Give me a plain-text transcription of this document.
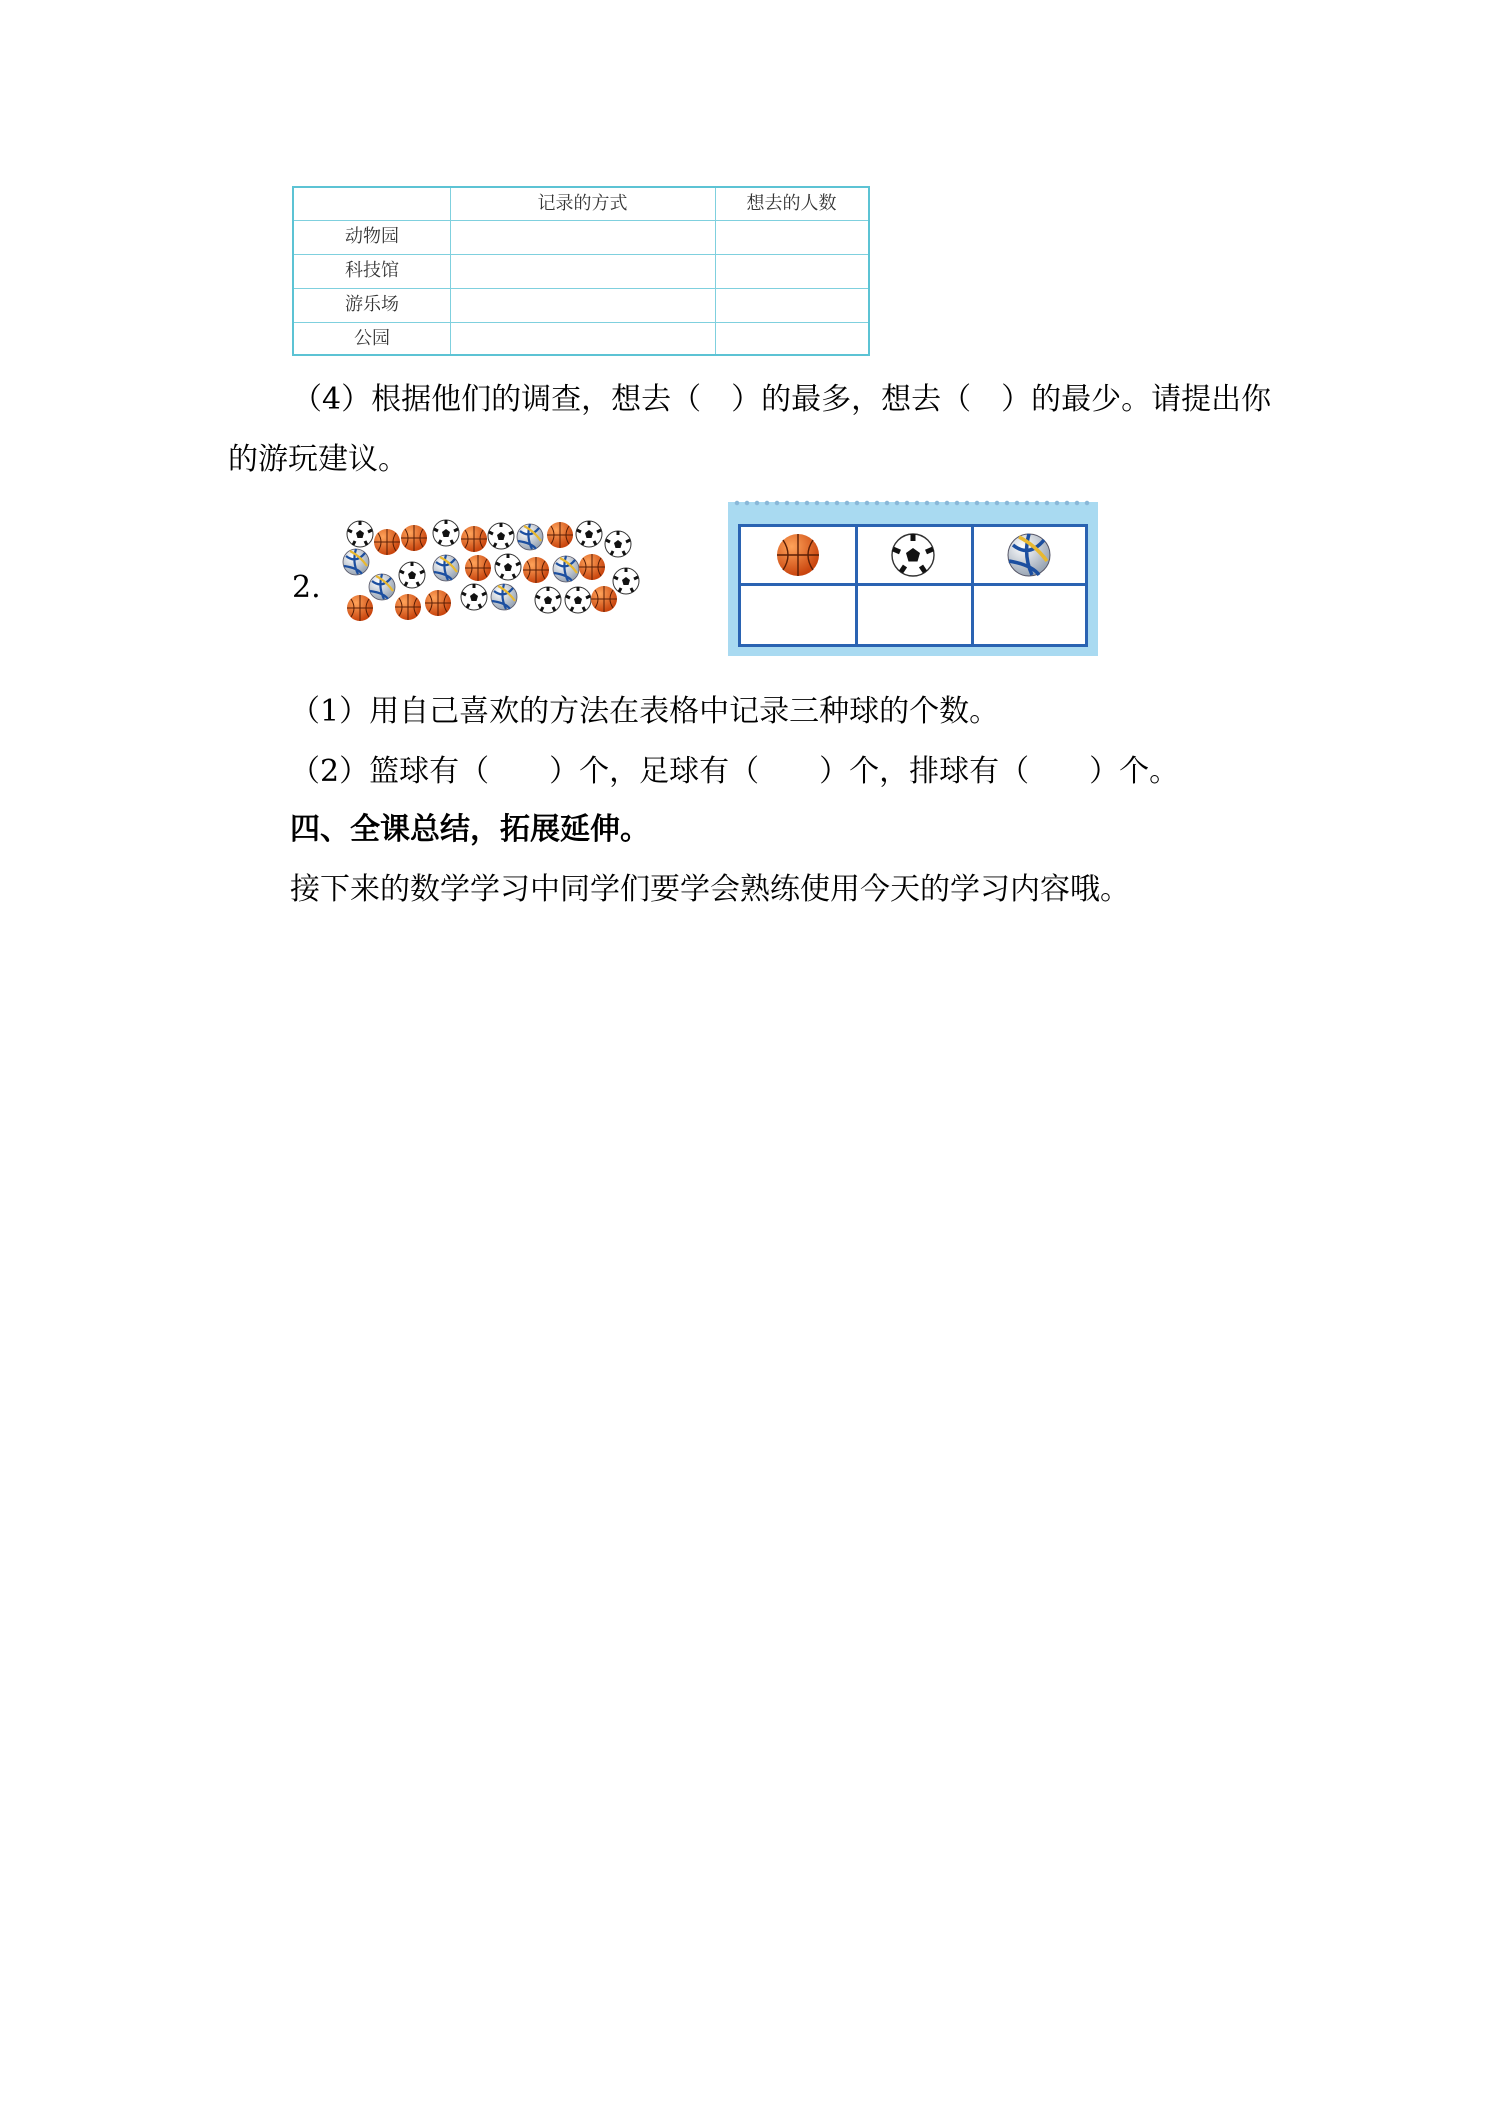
记录的方式	想去的人数
动物园
科技馆
游乐场
公园
（4）根据他们的调查，想去（　）的最多，想去（　）的最少。请提出你
的游玩建议。
2.
（1）用自己喜欢的方法在表格中记录三种球的个数。
（2）篮球有（　　）个，足球有（　　）个，排球有（　　）个。
四、全课总结，拓展延伸。
接下来的数学学习中同学们要学会熟练使用今天的学习内容哦。
